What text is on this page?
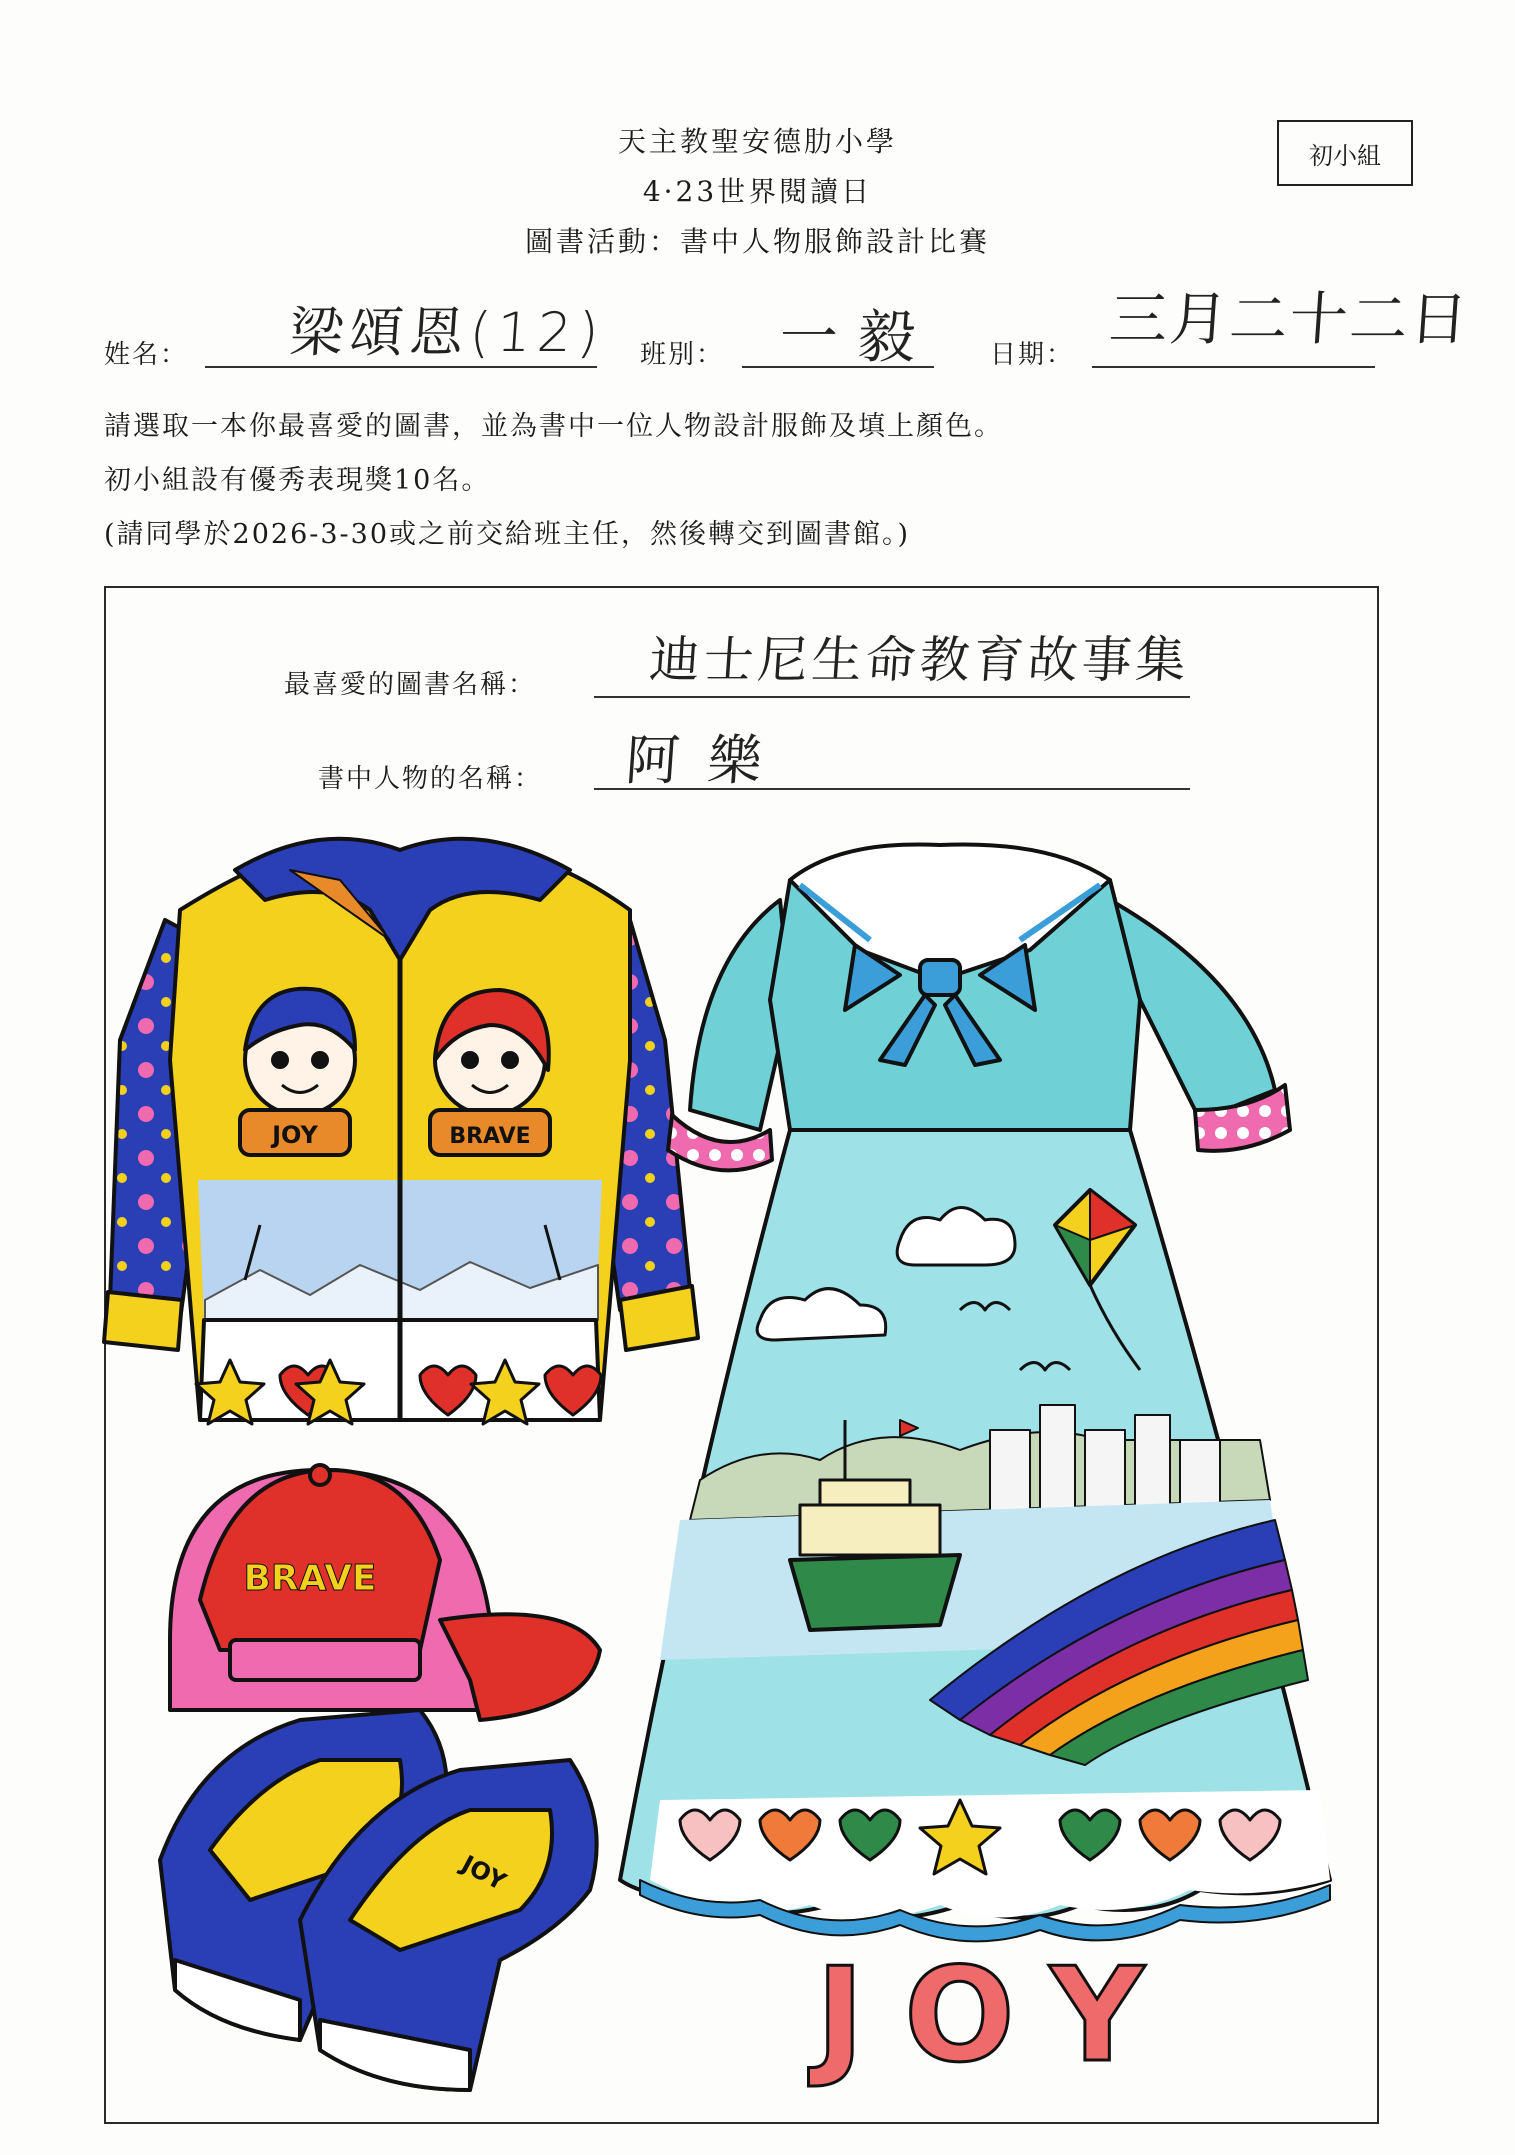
天主教聖安德肋小學
4·23世界閱讀日
圖書活動：書中人物服飾設計比賽
初小組
姓名： 梁頌恩(12) 班別： 一毅 日期：
三月二十二日
請選取一本你最喜愛的圖書，並為書中一位人物設計服飾及填上顏色。
初小組設有優秀表現獎10名。
(請同學於2026-3-30或之前交給班主任，然後轉交到圖書館。)
最喜愛的圖書名稱： 迪士尼生命教育故事集
書中人物的名稱： 阿樂
JOY	BRAVE
BRAVE
JOY
JOY
